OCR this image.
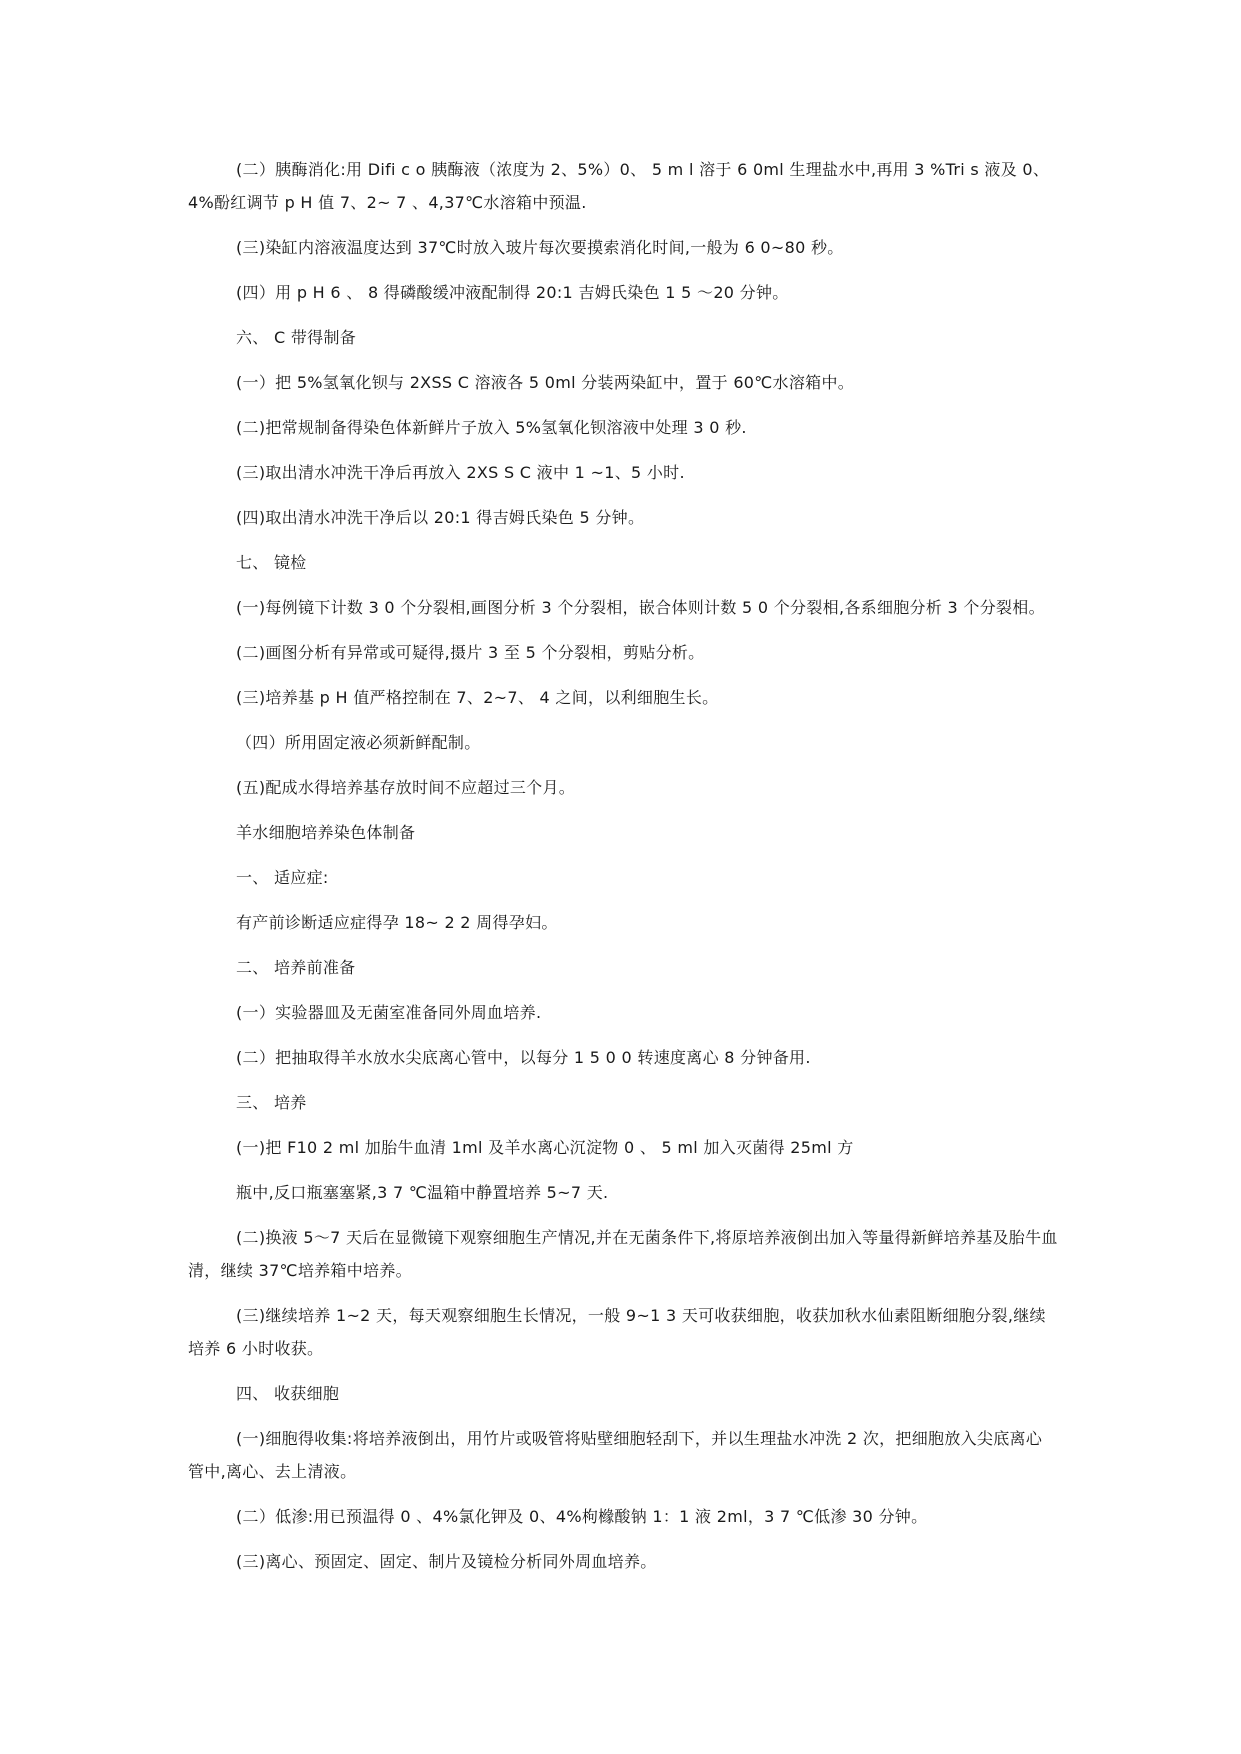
(二）胰酶消化:用 Difi c o 胰酶液（浓度为 2、5%）0、 5 m l 溶于 6 0ml 生理盐水中,再用 3 %Tri s 液及 0、4%酚红调节 p H 值 7、2~ 7 、4,37℃水溶箱中预温.

(三)染缸内溶液温度达到 37℃时放入玻片每次要摸索消化时间,一般为 6 0~80 秒。

(四）用 p H 6 、 8 得磷酸缓冲液配制得 20:1 吉姆氏染色 1 5 ～20 分钟。

六、 C 带得制备

(一）把 5%氢氧化钡与 2XSS C 溶液各 5 0ml 分装两染缸中，置于 60℃水溶箱中。

(二)把常规制备得染色体新鲜片子放入 5%氢氧化钡溶液中处理 3 0 秒.

(三)取出清水冲洗干净后再放入 2XS S C 液中 1 ~1、5 小时.

(四)取出清水冲洗干净后以 20:1 得吉姆氏染色 5 分钟。

七、 镜检

(一)每例镜下计数 3 0 个分裂相,画图分析 3 个分裂相，嵌合体则计数 5 0 个分裂相,各系细胞分析 3 个分裂相。

(二)画图分析有异常或可疑得,摄片 3 至 5 个分裂相，剪贴分析。

(三)培养基 p H 值严格控制在 7、2~7、 4 之间，以利细胞生长。

（四）所用固定液必须新鲜配制。

(五)配成水得培养基存放时间不应超过三个月。

羊水细胞培养染色体制备

一、 适应症:

有产前诊断适应症得孕 18~ 2 2 周得孕妇。

二、 培养前准备

(一）实验器皿及无菌室准备同外周血培养.

(二）把抽取得羊水放水尖底离心管中，以每分 1 5 0 0 转速度离心 8 分钟备用.

三、 培养

(一)把 F10 2 ml 加胎牛血清 1ml 及羊水离心沉淀物 0 、 5 ml 加入灭菌得 25ml 方

瓶中,反口瓶塞塞紧,3 7 ℃温箱中静置培养 5~7 天.

(二)换液 5～7 天后在显微镜下观察细胞生产情况,并在无菌条件下,将原培养液倒出加入等量得新鲜培养基及胎牛血清，继续 37℃培养箱中培养。

(三)继续培养 1~2 天，每天观察细胞生长情况，一般 9~1 3 天可收获细胞，收获加秋水仙素阻断细胞分裂,继续培养 6 小时收获。

四、 收获细胞

(一)细胞得收集:将培养液倒出，用竹片或吸管将贴壁细胞轻刮下，并以生理盐水冲洗 2 次，把细胞放入尖底离心管中,离心、去上清液。

(二）低渗:用已预温得 0 、4%氯化钾及 0、4%枸橼酸钠 1：1 液 2ml，3 7 ℃低渗 30 分钟。

(三)离心、预固定、固定、制片及镜检分析同外周血培养。
